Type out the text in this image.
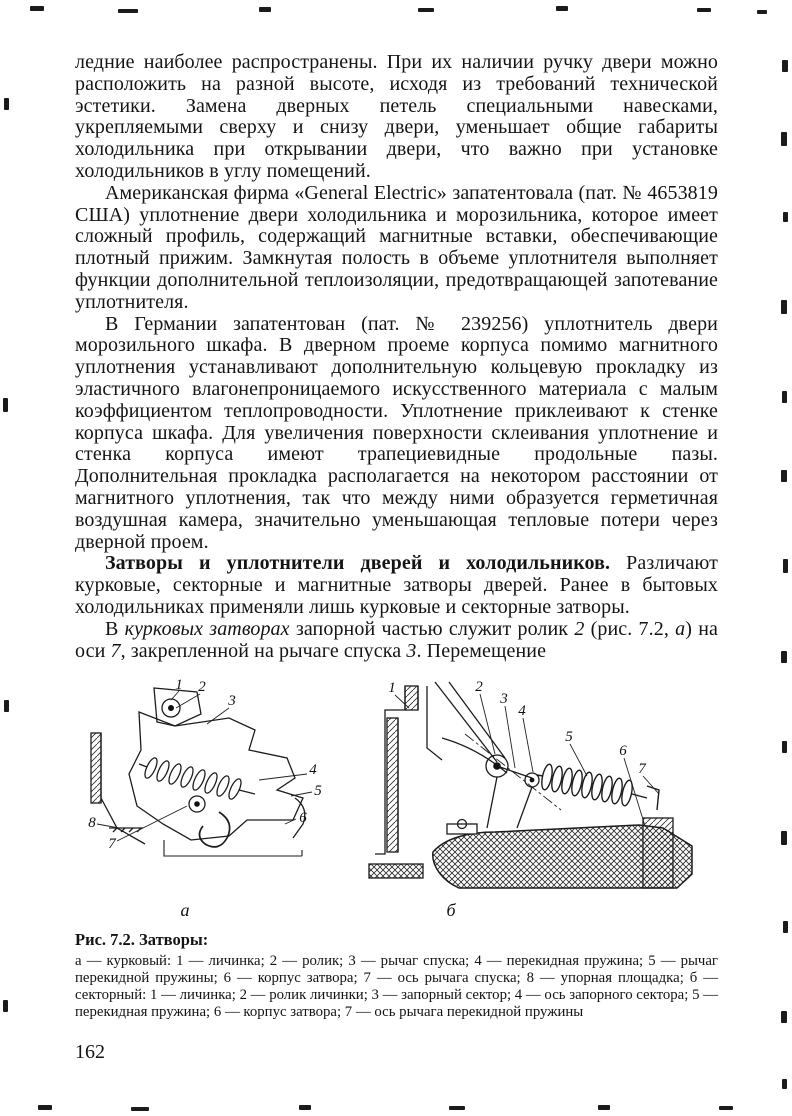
ледние наиболее распространены. При их наличии ручку двери можно расположить на разной высоте, исходя из требований технической эстетики. Замена дверных петель специальными навесками, укрепляемыми сверху и снизу двери, уменьшает общие габариты холодильника при открывании двери, что важно при установке холодильников в углу помещений.

Американская фирма «General Electric» запатентовала (пат. № 4653819 США) уплотнение двери холодильника и морозильника, которое имеет сложный профиль, содержащий магнитные вставки, обеспечивающие плотный прижим. Замкнутая полость в объеме уплотнителя выполняет функции дополнительной теплоизоляции, предотвращающей запотевание уплотнителя.

В Германии запатентован (пат. № 239256) уплотнитель двери морозильного шкафа. В дверном проеме корпуса помимо магнитного уплотнения устанавливают дополнительную кольцевую прокладку из эластичного влагонепроницаемого искусственного материала с малым коэффициентом теплопроводности. Уплотнение приклеивают к стенке корпуса шкафа. Для увеличения поверхности склеивания уплотнение и стенка корпуса имеют трапециевидные продольные пазы. Дополнительная прокладка располагается на некотором расстоянии от магнитного уплотнения, так что между ними образуется герметичная воздушная камера, значительно уменьшающая тепловые потери через дверной проем.

Затворы и уплотнители дверей и холодильников. Различают курковые, секторные и магнитные затворы дверей. Ранее в бытовых холодильниках применяли лишь курковые и секторные затворы.

В курковых затворах запорной частью служит ролик 2 (рис. 7.2, а) на оси 7, закрепленной на рычаге спуска 3. Перемещение

1 2
3
4
5
6
7
8
а
1	2
3
4
5
6
7
б

Рис. 7.2. Затворы:

а — курковый: 1 — личинка; 2 — ролик; 3 — рычаг спуска; 4 — перекидная пружина; 5 — рычаг перекидной пружины; 6 — корпус затвора; 7 — ось рычага спуска; 8 — упорная площадка; б — секторный: 1 — личинка; 2 — ролик личинки; 3 — запорный сектор; 4 — ось запорного сектора; 5 — перекидная пружина; 6 — корпус затвора; 7 — ось рычага перекидной пружины

162
